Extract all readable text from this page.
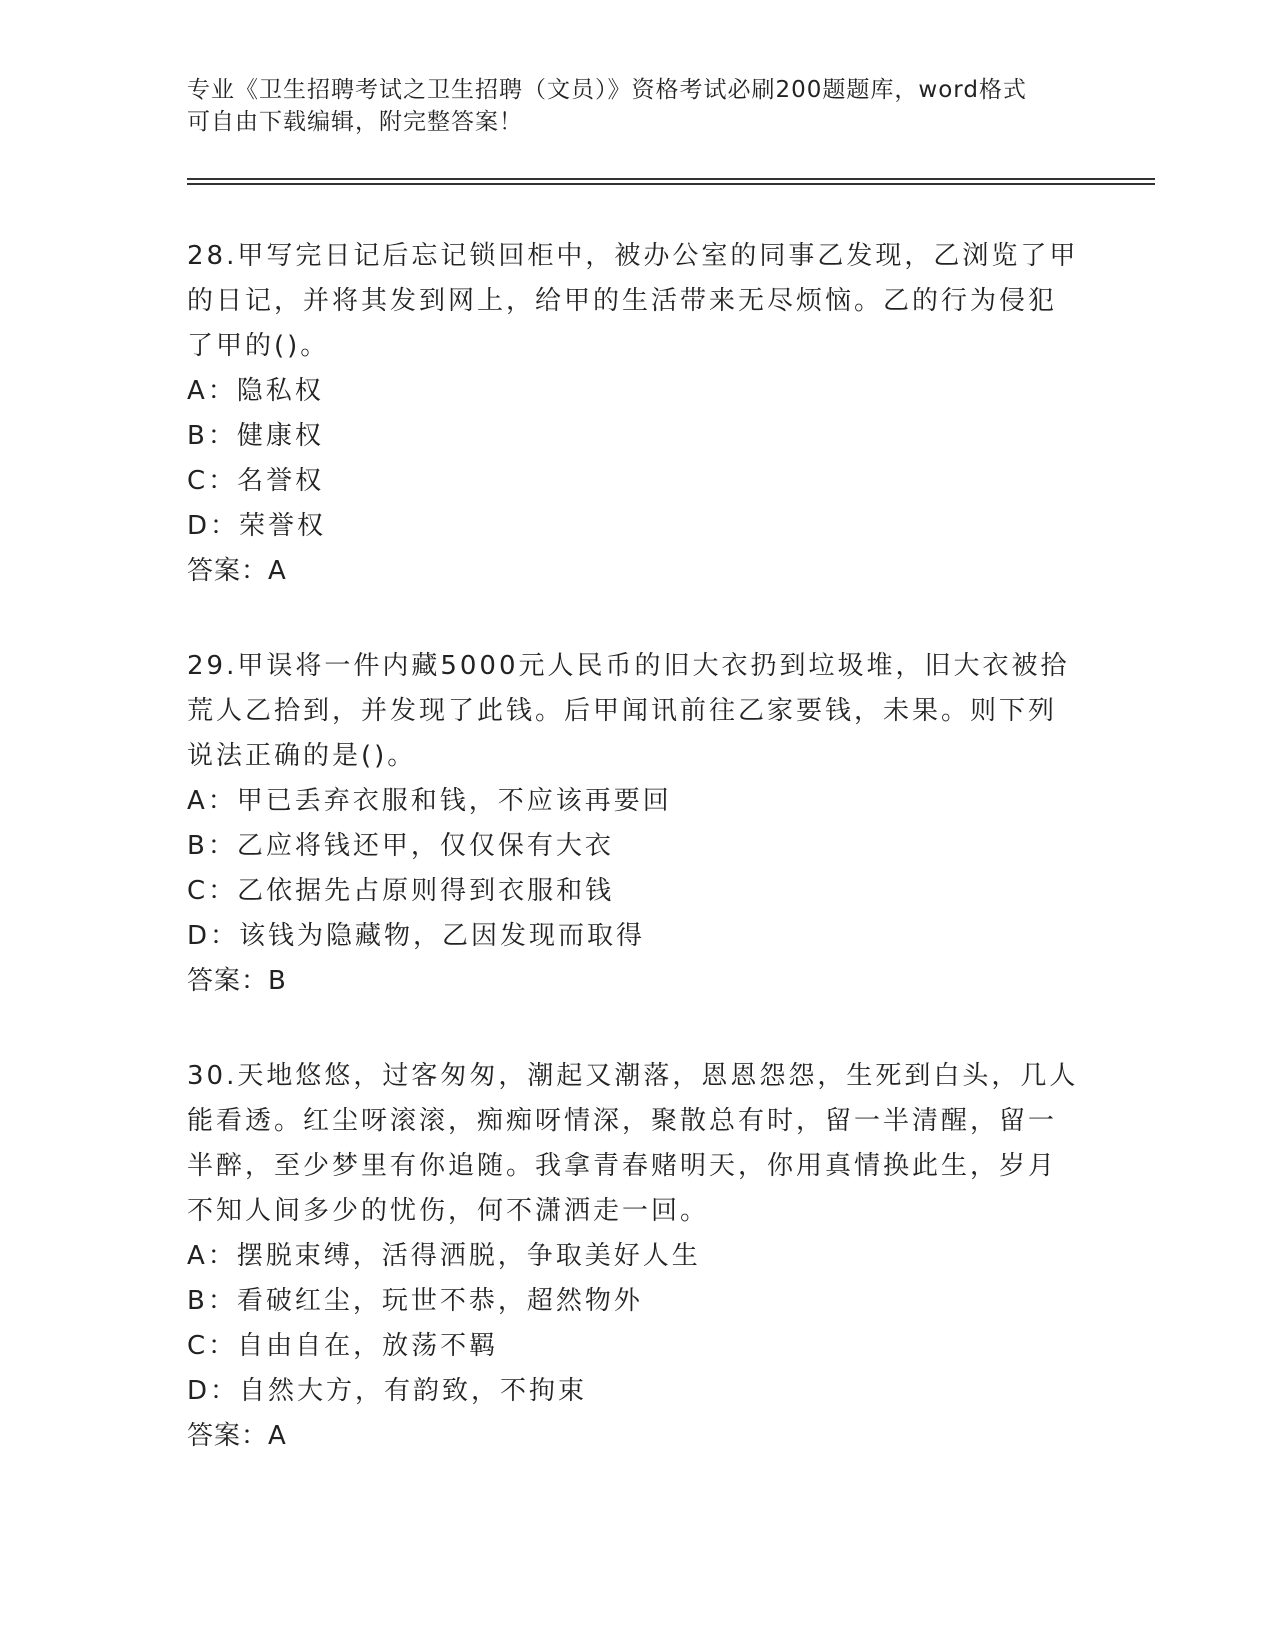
专业《卫生招聘考试之卫生招聘（文员）》资格考试必刷200题题库，word格式
可自由下载编辑，附完整答案！
28.甲写完日记后忘记锁回柜中，被办公室的同事乙发现，乙浏览了甲
的日记，并将其发到网上，给甲的生活带来无尽烦恼。乙的行为侵犯
了甲的()。
A：隐私权
B：健康权
C：名誉权
D：荣誉权
答案：A
29.甲误将一件内藏5000元人民币的旧大衣扔到垃圾堆，旧大衣被拾
荒人乙拾到，并发现了此钱。后甲闻讯前往乙家要钱，未果。则下列
说法正确的是()。
A：甲已丢弃衣服和钱，不应该再要回
B：乙应将钱还甲，仅仅保有大衣
C：乙依据先占原则得到衣服和钱
D：该钱为隐藏物，乙因发现而取得
答案：B
30.天地悠悠，过客匆匆，潮起又潮落，恩恩怨怨，生死到白头，几人
能看透。红尘呀滚滚，痴痴呀情深，聚散总有时，留一半清醒，留一
半醉，至少梦里有你追随。我拿青春赌明天，你用真情换此生，岁月
不知人间多少的忧伤，何不潇洒走一回。
A：摆脱束缚，活得洒脱，争取美好人生
B：看破红尘，玩世不恭，超然物外
C：自由自在，放荡不羁
D：自然大方，有韵致，不拘束
答案：A
